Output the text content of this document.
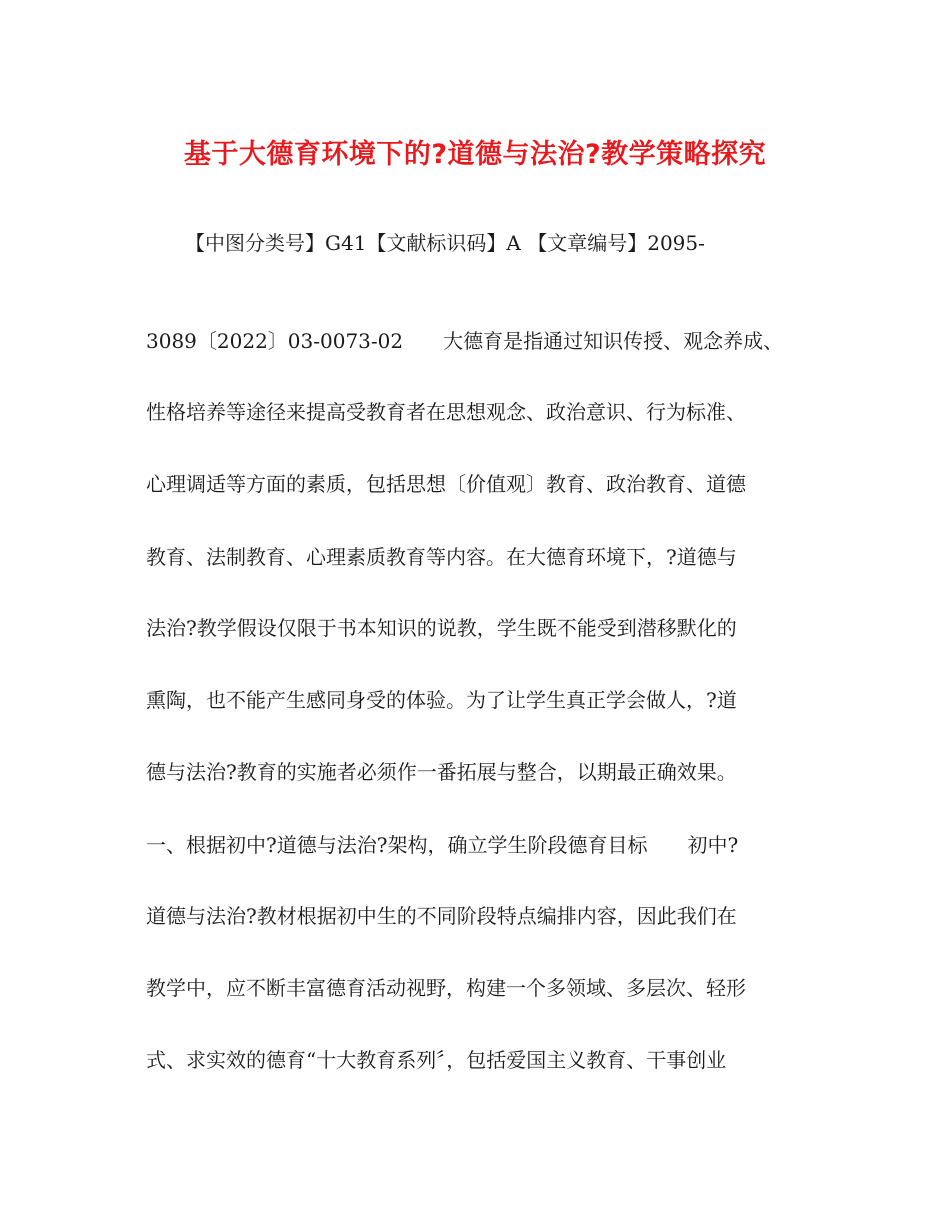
基于大德育环境下的?道德与法治?教学策略探究

【中图分类号】G41【文献标识码】A 【文章编号】2095-

3089〔2022〕03-0073-02　　大德育是指通过知识传授、观念养成、

性格培养等途径来提高受教育者在思想观念、政治意识、行为标准、

心理调适等方面的素质，包括思想〔价值观〕教育、政治教育、道德

教育、法制教育、心理素质教育等内容。在大德育环境下，?道德与

法治?教学假设仅限于书本知识的说教，学生既不能受到潜移默化的

熏陶，也不能产生感同身受的体验。为了让学生真正学会做人，?道

德与法治?教育的实施者必须作一番拓展与整合，以期最正确效果。

一、根据初中?道德与法治?架构，确立学生阶段德育目标　　初中?

道德与法治?教材根据初中生的不同阶段特点编排内容，因此我们在

教学中，应不断丰富德育活动视野，构建一个多领域、多层次、轻形

式、求实效的德育“十大教育系列〞，包括爱国主义教育、干事创业
